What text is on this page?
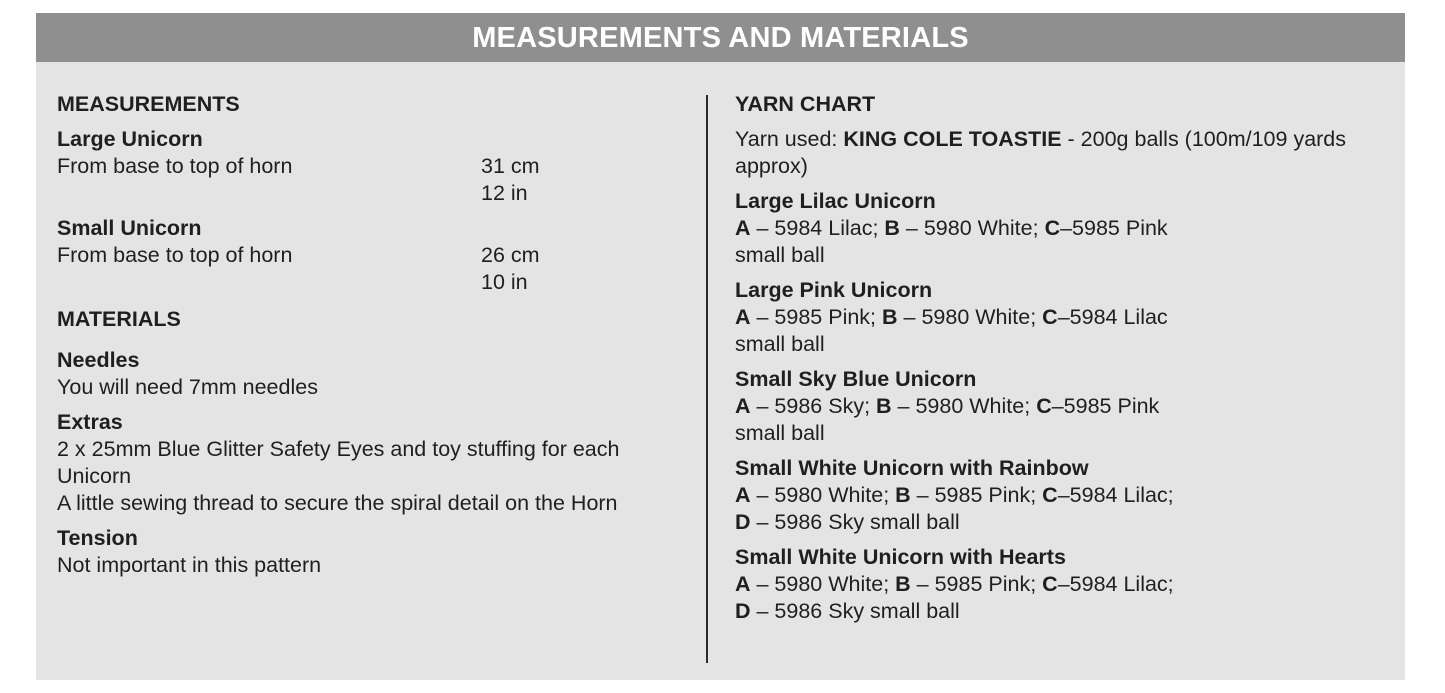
MEASUREMENTS AND MATERIALS
MEASUREMENTS
Large Unicorn
From base to top of horn	31 cm
12 in
Small Unicorn
From base to top of horn	26 cm
10 in
MATERIALS
Needles
You will need 7mm needles
Extras
2 x 25mm Blue Glitter Safety Eyes and toy stuffing for each
Unicorn
A little sewing thread to secure the spiral detail on the Horn
Tension
Not important in this pattern
YARN CHART
Yarn used: KING COLE TOASTIE - 200g balls (100m/109 yards
approx)
Large Lilac Unicorn
A – 5984 Lilac; B – 5980 White; C–5985 Pink
small ball
Large Pink Unicorn
A – 5985 Pink; B – 5980 White; C–5984 Lilac
small ball
Small Sky Blue Unicorn
A – 5986 Sky; B – 5980 White; C–5985 Pink
small ball
Small White Unicorn with Rainbow
A – 5980 White; B – 5985 Pink; C–5984 Lilac;
D – 5986 Sky small ball
Small White Unicorn with Hearts
A – 5980 White; B – 5985 Pink; C–5984 Lilac;
D – 5986 Sky small ball
